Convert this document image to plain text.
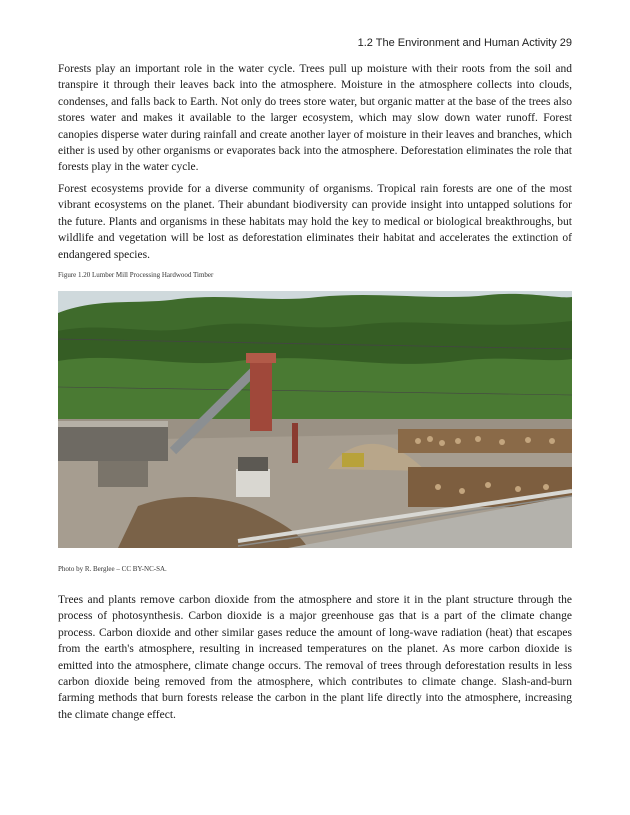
1.2 The Environment and Human Activity 29

Forests play an important role in the water cycle. Trees pull up moisture with their roots from the soil and transpire it through their leaves back into the atmosphere. Moisture in the atmosphere collects into clouds, condenses, and falls back to Earth. Not only do trees store water, but organic matter at the base of the trees also stores water and makes it available to the larger ecosystem, which may slow down water runoff. Forest canopies disperse water during rainfall and create another layer of moisture in their leaves and branches, which either is used by other organisms or evaporates back into the atmosphere. Deforestation eliminates the role that forests play in the water cycle.

Forest ecosystems provide for a diverse community of organisms. Tropical rain forests are one of the most vibrant ecosystems on the planet. Their abundant biodiversity can provide insight into untapped solutions for the future. Plants and organisms in these habitats may hold the key to medical or biological breakthroughs, but wildlife and vegetation will be lost as deforestation eliminates their habitat and accelerates the extinction of endangered species.

Figure 1.20 Lumber Mill Processing Hardwood Timber
Photo by R. Berglee – CC BY-NC-SA.

Trees and plants remove carbon dioxide from the atmosphere and store it in the plant structure through the process of photosynthesis. Carbon dioxide is a major greenhouse gas that is a part of the climate change process. Carbon dioxide and other similar gases reduce the amount of long-wave radiation (heat) that escapes from the earth's atmosphere, resulting in increased temperatures on the planet. As more carbon dioxide is emitted into the atmosphere, climate change occurs. The removal of trees through deforestation results in less carbon dioxide being removed from the atmosphere, which contributes to climate change. Slash-and-burn farming methods that burn forests release the carbon in the plant life directly into the atmosphere, increasing the climate change effect.
